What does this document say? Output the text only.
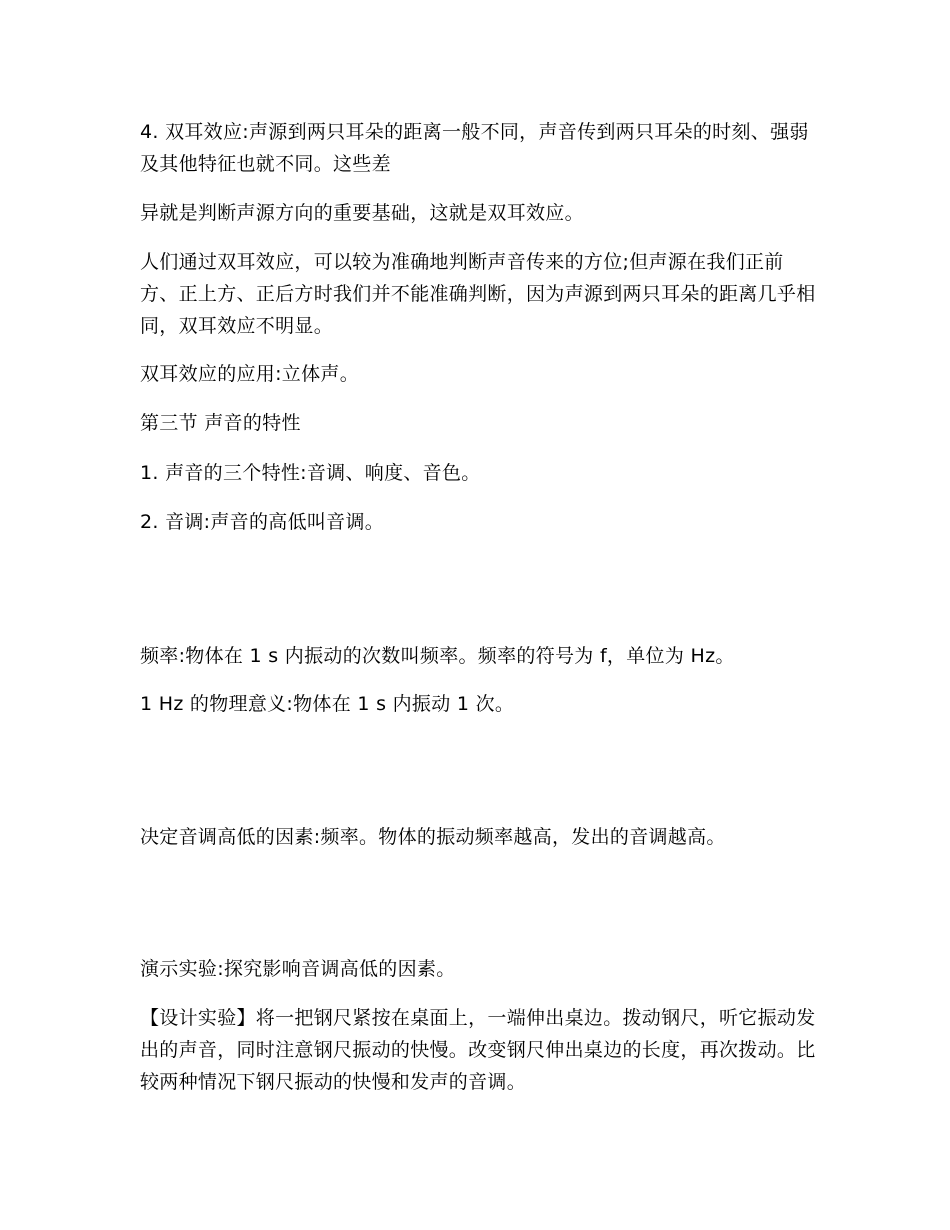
4. 双耳效应:声源到两只耳朵的距离一般不同，声音传到两只耳朵的时刻、强弱及其他特征也就不同。这些差

异就是判断声源方向的重要基础，这就是双耳效应。

人们通过双耳效应，可以较为准确地判断声音传来的方位;但声源在我们正前方、正上方、正后方时我们并不能准确判断，因为声源到两只耳朵的距离几乎相同，双耳效应不明显。

双耳效应的应用:立体声。

第三节 声音的特性

1. 声音的三个特性:音调、响度、音色。

2. 音调:声音的高低叫音调。

频率:物体在 1 s 内振动的次数叫频率。频率的符号为 f，单位为 Hz。

1 Hz 的物理意义:物体在 1 s 内振动 1 次。

决定音调高低的因素:频率。物体的振动频率越高，发出的音调越高。

演示实验:探究影响音调高低的因素。

【设计实验】将一把钢尺紧按在桌面上，一端伸出桌边。拨动钢尺，听它振动发出的声音，同时注意钢尺振动的快慢。改变钢尺伸出桌边的长度，再次拨动。比较两种情况下钢尺振动的快慢和发声的音调。
